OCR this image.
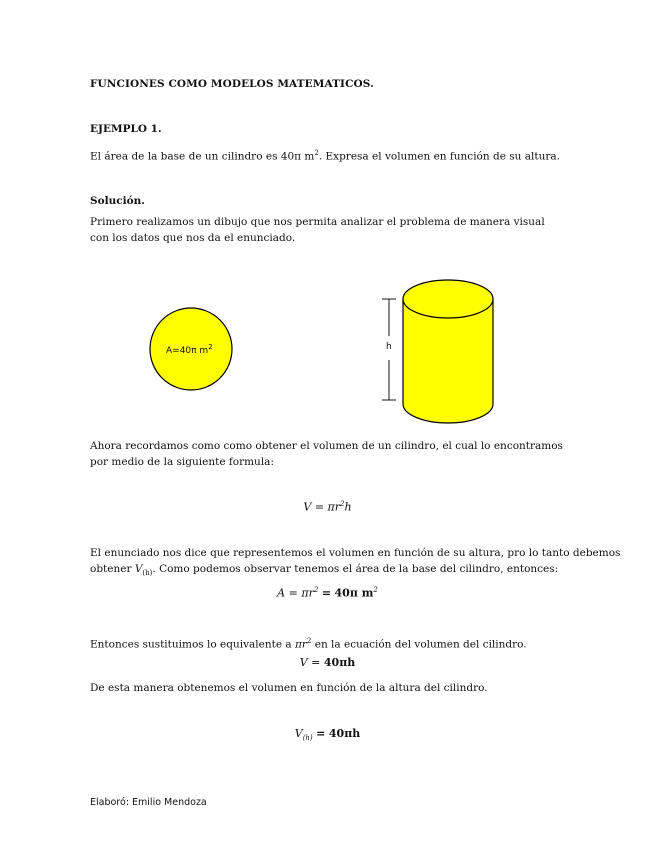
FUNCIONES COMO MODELOS MATEMATICOS.
EJEMPLO 1.
El área de la base de un cilindro es 40π $m^2$. Expresa el volumen en función de su altura.
Solución.
Primero realizamos un dibujo que nos permita analizar el problema de manera visual con los datos que nos da el enunciado.
A=40π $m^2$	h
Ahora recordamos como como obtener el volumen de un cilindro, el cual lo encontramos por medio de la siguiente formula:
$V = \pi r^2h$
El enunciado nos dice que representemos el volumen en función de su altura, pro lo tanto debemos
obtener $V_{(h)}$. Como podemos observar tenemos el área de la base del cilindro, entonces:
$A = \pi r^2 = 40\pi$ $m^2$
Entonces sustituimos lo equivalente a $\pi r^2$ en la ecuación del volumen del cilindro.
V = 40πh
De esta manera obtenemos el volumen en función de la altura del cilindro.
$V_{(h)} = 40\pi h$
Elaboró: Emilio Mendoza
